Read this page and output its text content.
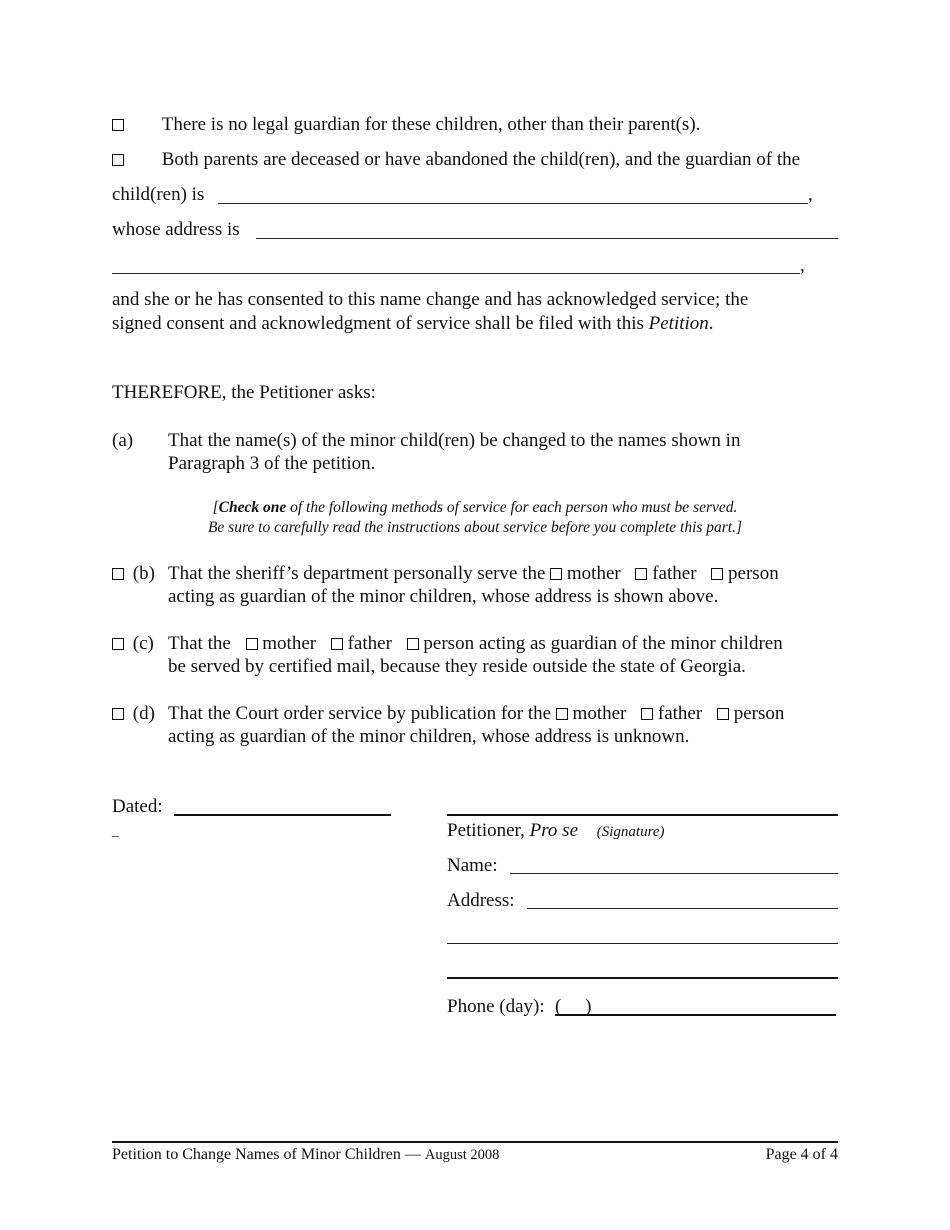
There is no legal guardian for these children, other than their parent(s).
Both parents are deceased or have abandoned the child(ren), and the guardian of the
child(ren) is	,
whose address is
,
and she or he has consented to this name change and has acknowledged service; the
signed consent and acknowledgment of service shall be filed with this Petition.
THEREFORE, the Petitioner asks:
(a) That the name(s) of the minor child(ren) be changed to the names shown in
Paragraph 3 of the petition.
[Check one of the following methods of service for each person who must be served.
Be sure to carefully read the instructions about service before you complete this part.]
(b) That the sheriff’s department personally serve the mother father person
acting as guardian of the minor children, whose address is shown above.
(c) That the mother father person acting as guardian of the minor children
be served by certified mail, because they reside outside the state of Georgia.
(d) That the Court order service by publication for the mother father person
acting as guardian of the minor children, whose address is unknown.
Dated:
_	Petitioner, Pro se (Signature)
Name:
Address:
Phone (day): (     )
Petition to Change Names of Minor Children — August 2008	Page 4 of 4
